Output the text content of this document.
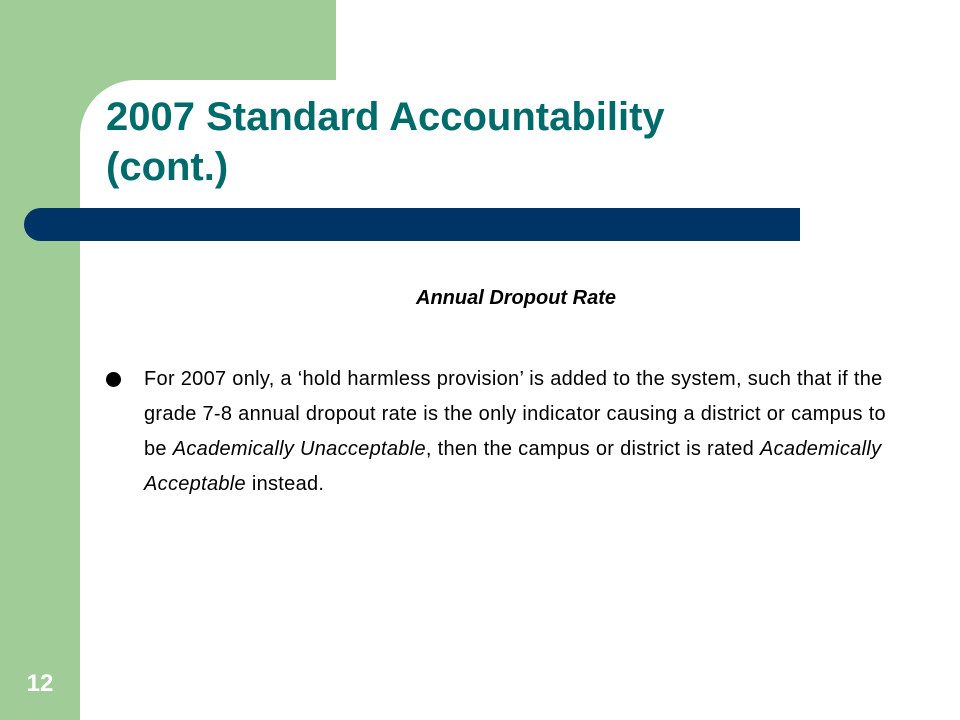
2007 Standard Accountability
(cont.)

Annual Dropout Rate

For 2007 only, a ‘hold harmless provision’ is added to the system, such that if the grade 7-8 annual dropout rate is the only indicator causing a district or campus to be Academically Unacceptable, then the campus or district is rated Academically Acceptable instead.
12
